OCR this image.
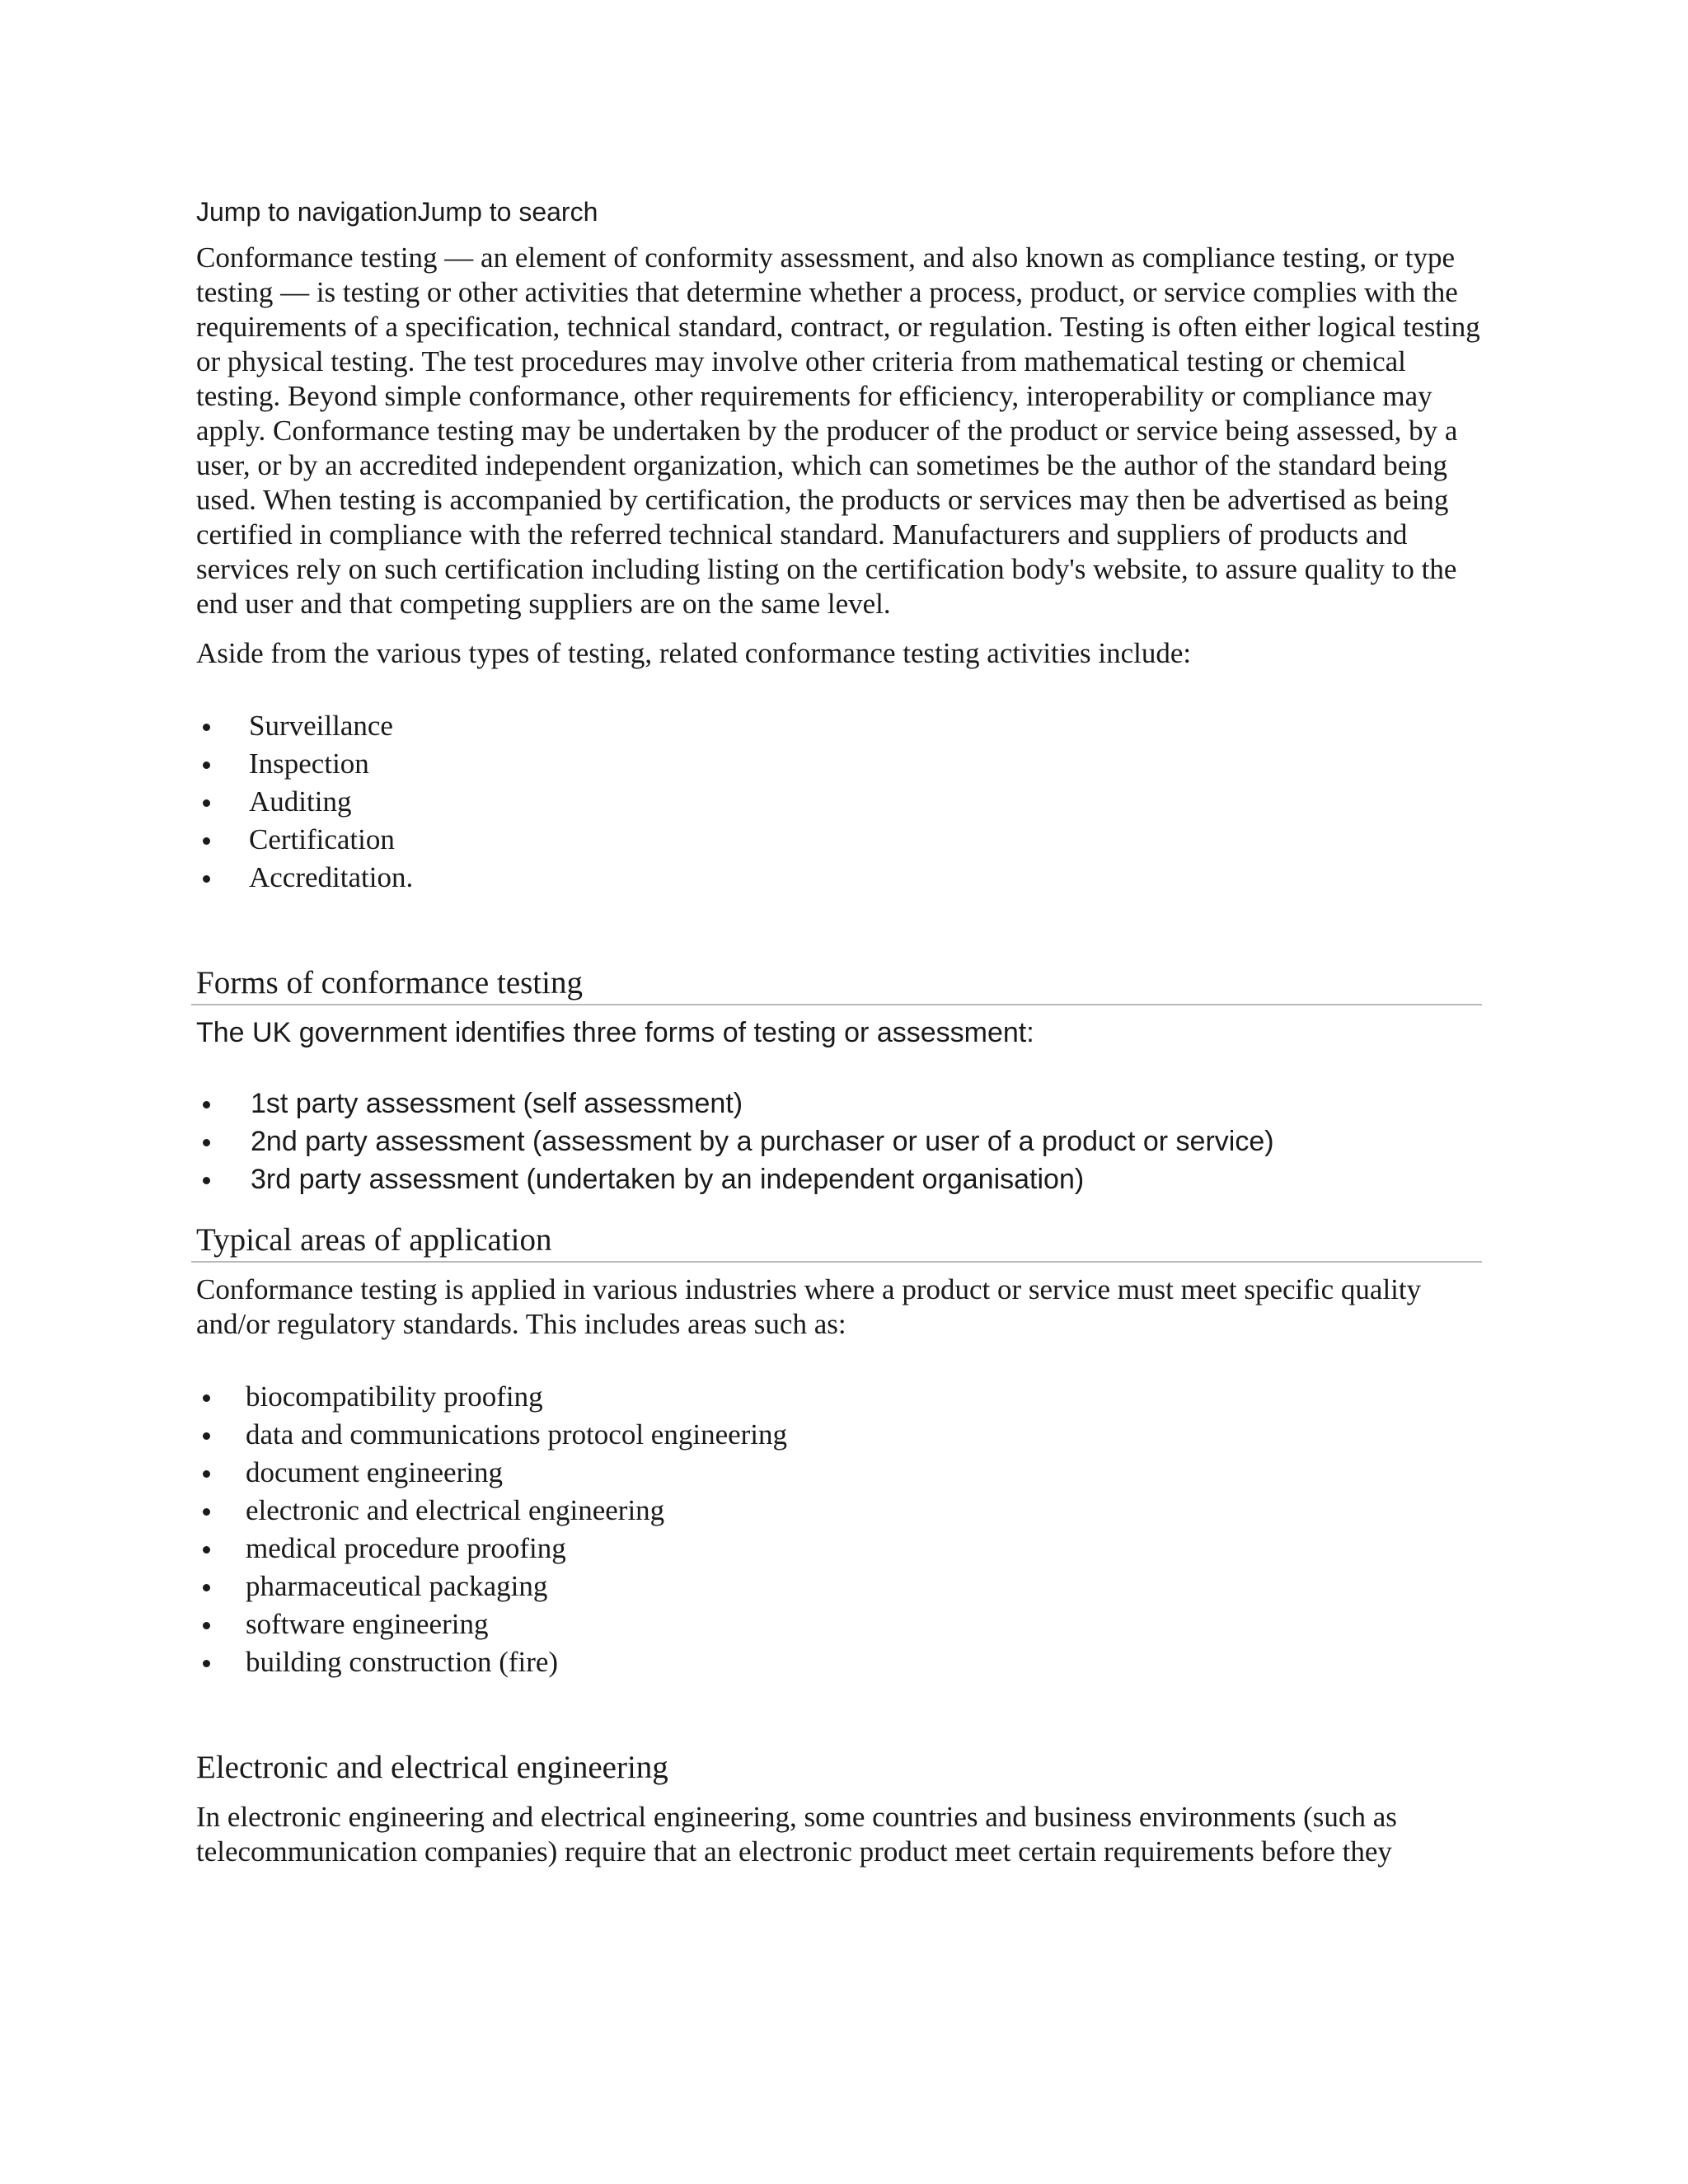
Jump to navigationJump to search

Conformance testing — an element of conformity assessment, and also known as compliance testing, or type testing — is testing or other activities that determine whether a process, product, or service complies with the requirements of a specification, technical standard, contract, or regulation. Testing is often either logical testing or physical testing. The test procedures may involve other criteria from mathematical testing or chemical testing. Beyond simple conformance, other requirements for efficiency, interoperability or compliance may apply. Conformance testing may be undertaken by the producer of the product or service being assessed, by a user, or by an accredited independent organization, which can sometimes be the author of the standard being used. When testing is accompanied by certification, the products or services may then be advertised as being certified in compliance with the referred technical standard. Manufacturers and suppliers of products and services rely on such certification including listing on the certification body's website, to assure quality to the end user and that competing suppliers are on the same level.

Aside from the various types of testing, related conformance testing activities include:

Surveillance
Inspection
Auditing
Certification
Accreditation.
Forms of conformance testing

The UK government identifies three forms of testing or assessment:

1st party assessment (self assessment)
2nd party assessment (assessment by a purchaser or user of a product or service)
3rd party assessment (undertaken by an independent organisation)
Typical areas of application

Conformance testing is applied in various industries where a product or service must meet specific quality and/or regulatory standards. This includes areas such as:

biocompatibility proofing
data and communications protocol engineering
document engineering
electronic and electrical engineering
medical procedure proofing
pharmaceutical packaging
software engineering
building construction (fire)
Electronic and electrical engineering

In electronic engineering and electrical engineering, some countries and business environments (such as telecommunication companies) require that an electronic product meet certain requirements before they
